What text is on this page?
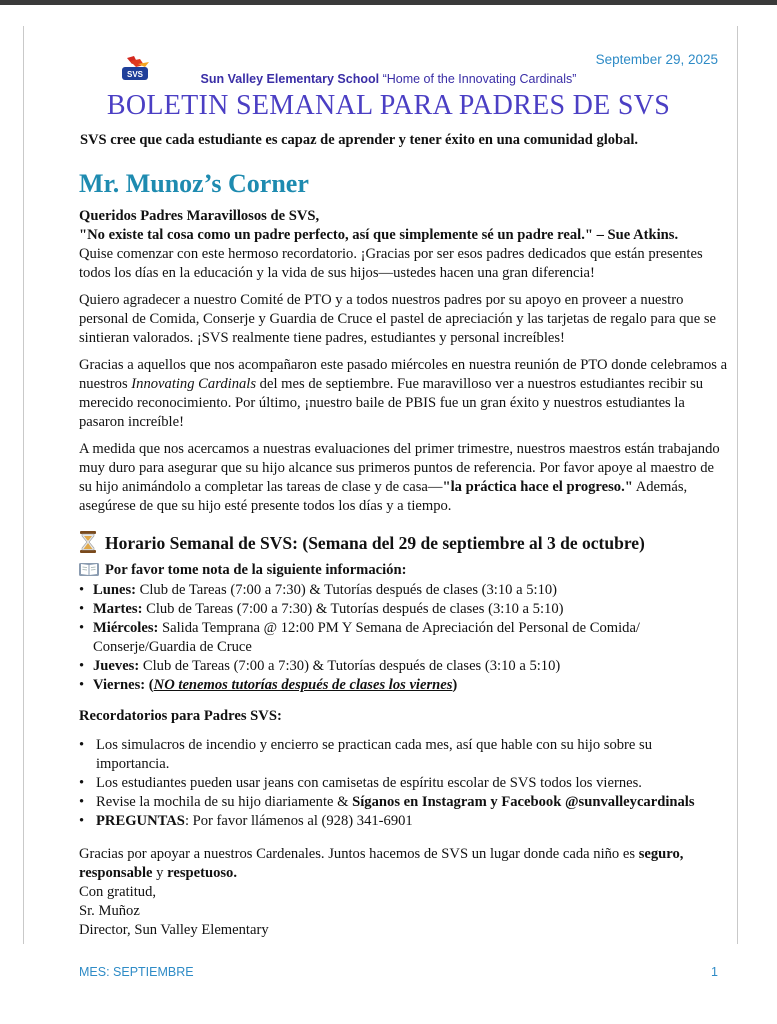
September 29, 2025
SVS	Sun Valley Elementary School “Home of the Innovating Cardinals”
BOLETIN SEMANAL PARA PADRES DE SVS
SVS cree que cada estudiante es capaz de aprender y tener éxito en una comunidad global.
Mr. Munoz’s Corner
Queridos Padres Maravillosos de SVS,
"No existe tal cosa como un padre perfecto, así que simplemente sé un padre real." – Sue Atkins.
Quise comenzar con este hermoso recordatorio. ¡Gracias por ser esos padres dedicados que están presentes todos los días en la educación y la vida de sus hijos—ustedes hacen una gran diferencia!
Quiero agradecer a nuestro Comité de PTO y a todos nuestros padres por su apoyo en proveer a nuestro personal de Comida, Conserje y Guardia de Cruce el pastel de apreciación y las tarjetas de regalo para que se sintieran valorados. ¡SVS realmente tiene padres, estudiantes y personal increíbles!
Gracias a aquellos que nos acompañaron este pasado miércoles en nuestra reunión de PTO donde celebramos a nuestros Innovating Cardinals del mes de septiembre. Fue maravilloso ver a nuestros estudiantes recibir su merecido reconocimiento. Por último, ¡nuestro baile de PBIS fue un gran éxito y nuestros estudiantes la pasaron increíble!
A medida que nos acercamos a nuestras evaluaciones del primer trimestre, nuestros maestros están trabajando muy duro para asegurar que su hijo alcance sus primeros puntos de referencia. Por favor apoye al maestro de su hijo animándolo a completar las tareas de clase y de casa—"la práctica hace el progreso." Además, asegúrese de que su hijo esté presente todos los días y a tiempo.
Horario Semanal de SVS: (Semana del 29 de septiembre al 3 de octubre)
Por favor tome nota de la siguiente información:
• Lunes: Club de Tareas (7:00 a 7:30) & Tutorías después de clases (3:10 a 5:10)
• Martes: Club de Tareas (7:00 a 7:30) & Tutorías después de clases (3:10 a 5:10)
• Miércoles: Salida Temprana @ 12:00 PM Y Semana de Apreciación del Personal de Comida/ Conserje/Guardia de Cruce
• Jueves: Club de Tareas (7:00 a 7:30) & Tutorías después de clases (3:10 a 5:10)
• Viernes: (NO tenemos tutorías después de clases los viernes)
Recordatorios para Padres SVS:
• Los simulacros de incendio y encierro se practican cada mes, así que hable con su hijo sobre su importancia.
• Los estudiantes pueden usar jeans con camisetas de espíritu escolar de SVS todos los viernes.
• Revise la mochila de su hijo diariamente & Síganos en Instagram y Facebook @sunvalleycardinals
• PREGUNTAS: Por favor llámenos al (928) 341-6901
Gracias por apoyar a nuestros Cardenales. Juntos hacemos de SVS un lugar donde cada niño es seguro, responsable y respetuoso.
Con gratitud,
Sr. Muñoz
Director, Sun Valley Elementary
MES: SEPTIEMBRE	1
